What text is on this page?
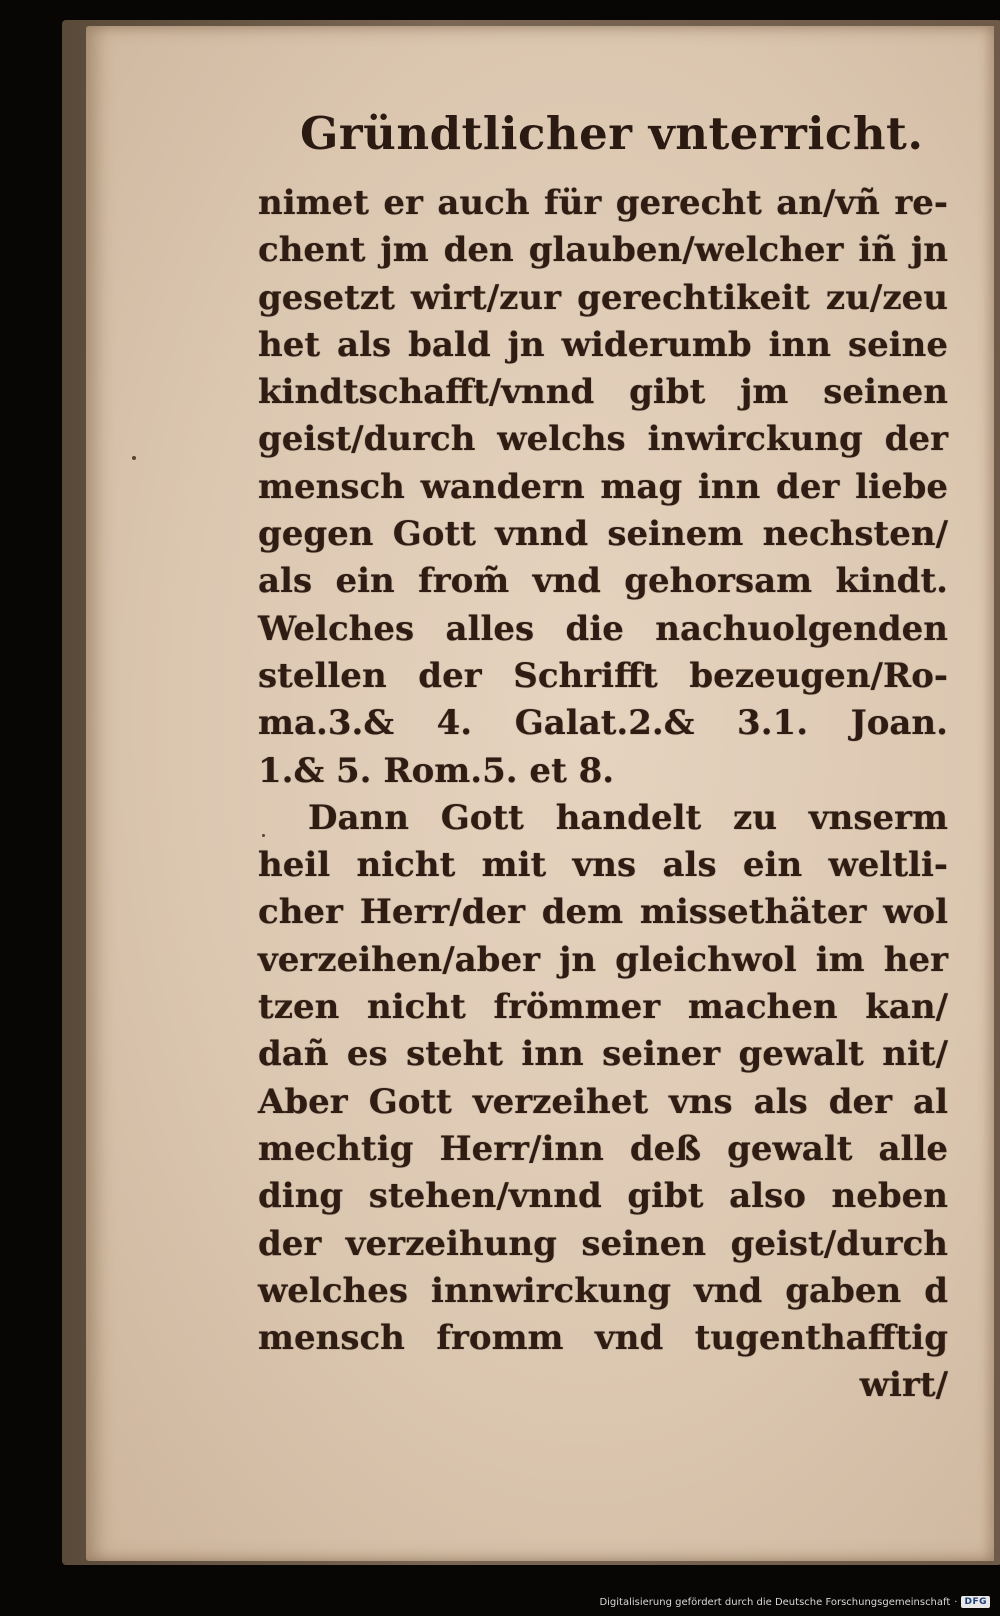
Gründtlicher vnterricht.
nimet er auch für gerecht an/vñ re-
chent jm den glauben/welcher iñ jn
gesetzt wirt/zur gerechtikeit zu/zeu
het als bald jn widerumb inn seine
kindtschafft/vnnd gibt jm seinen
geist/durch welchs inwirckung der
mensch wandern mag inn der liebe
gegen Gott vnnd seinem nechsten/
als ein from̃ vnd gehorsam kindt.
Welches alles die nachuolgenden
stellen der Schrifft bezeugen/Ro-
ma.3.& 4. Galat.2.& 3.1. Joan.
1.& 5. Rom.5. et 8.
Dann Gott handelt zu vnserm
heil nicht mit vns als ein weltli-
cher Herr/der dem missethäter wol
verzeihen/aber jn gleichwol im her
tzen nicht frömmer machen kan/
dañ es steht inn seiner gewalt nit/
Aber Gott verzeihet vns als der al
mechtig Herr/inn deß gewalt alle
ding stehen/vnnd gibt also neben
der verzeihung seinen geist/durch
welches innwirckung vnd gaben d
mensch fromm vnd tugenthafftig
wirt/
Digitalisierung gefördert durch die Deutsche Forschungsgemeinschaft · DFG
